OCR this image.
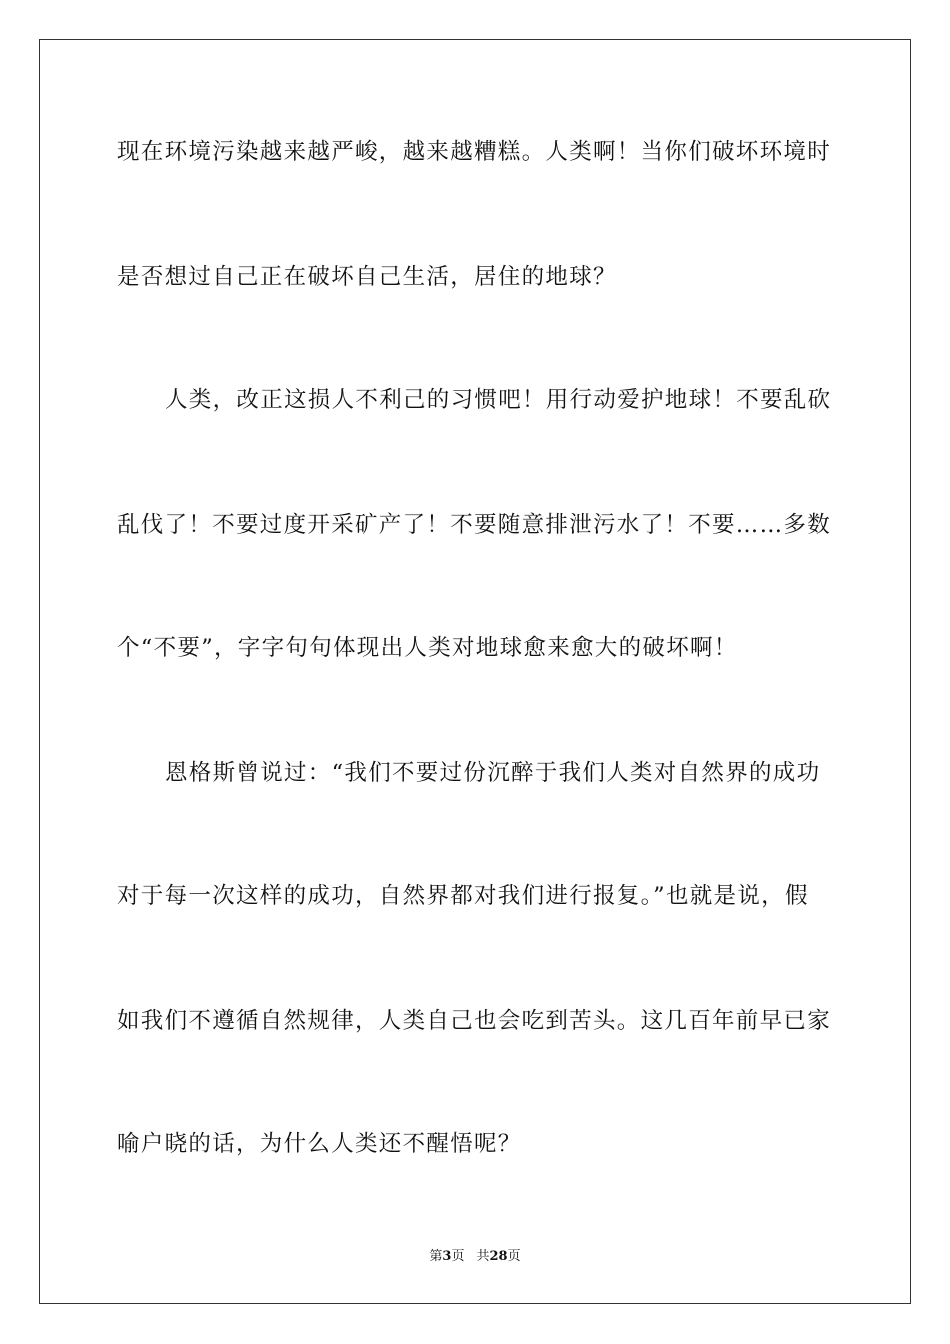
现在环境污染越来越严峻，越来越糟糕。人类啊！当你们破坏环境时
是否想过自己正在破坏自己生活，居住的地球？
人类，改正这损人不利己的习惯吧！用行动爱护地球！不要乱砍
乱伐了！不要过度开采矿产了！不要随意排泄污水了！不要……多数
个“不要”，字字句句体现出人类对地球愈来愈大的破坏啊！
恩格斯曾说过：“我们不要过份沉醉于我们人类对自然界的成功
对于每一次这样的成功，自然界都对我们进行报复。”也就是说，假
如我们不遵循自然规律，人类自己也会吃到苦头。这几百年前早已家
喻户晓的话，为什么人类还不醒悟呢？
第3页 共28页
